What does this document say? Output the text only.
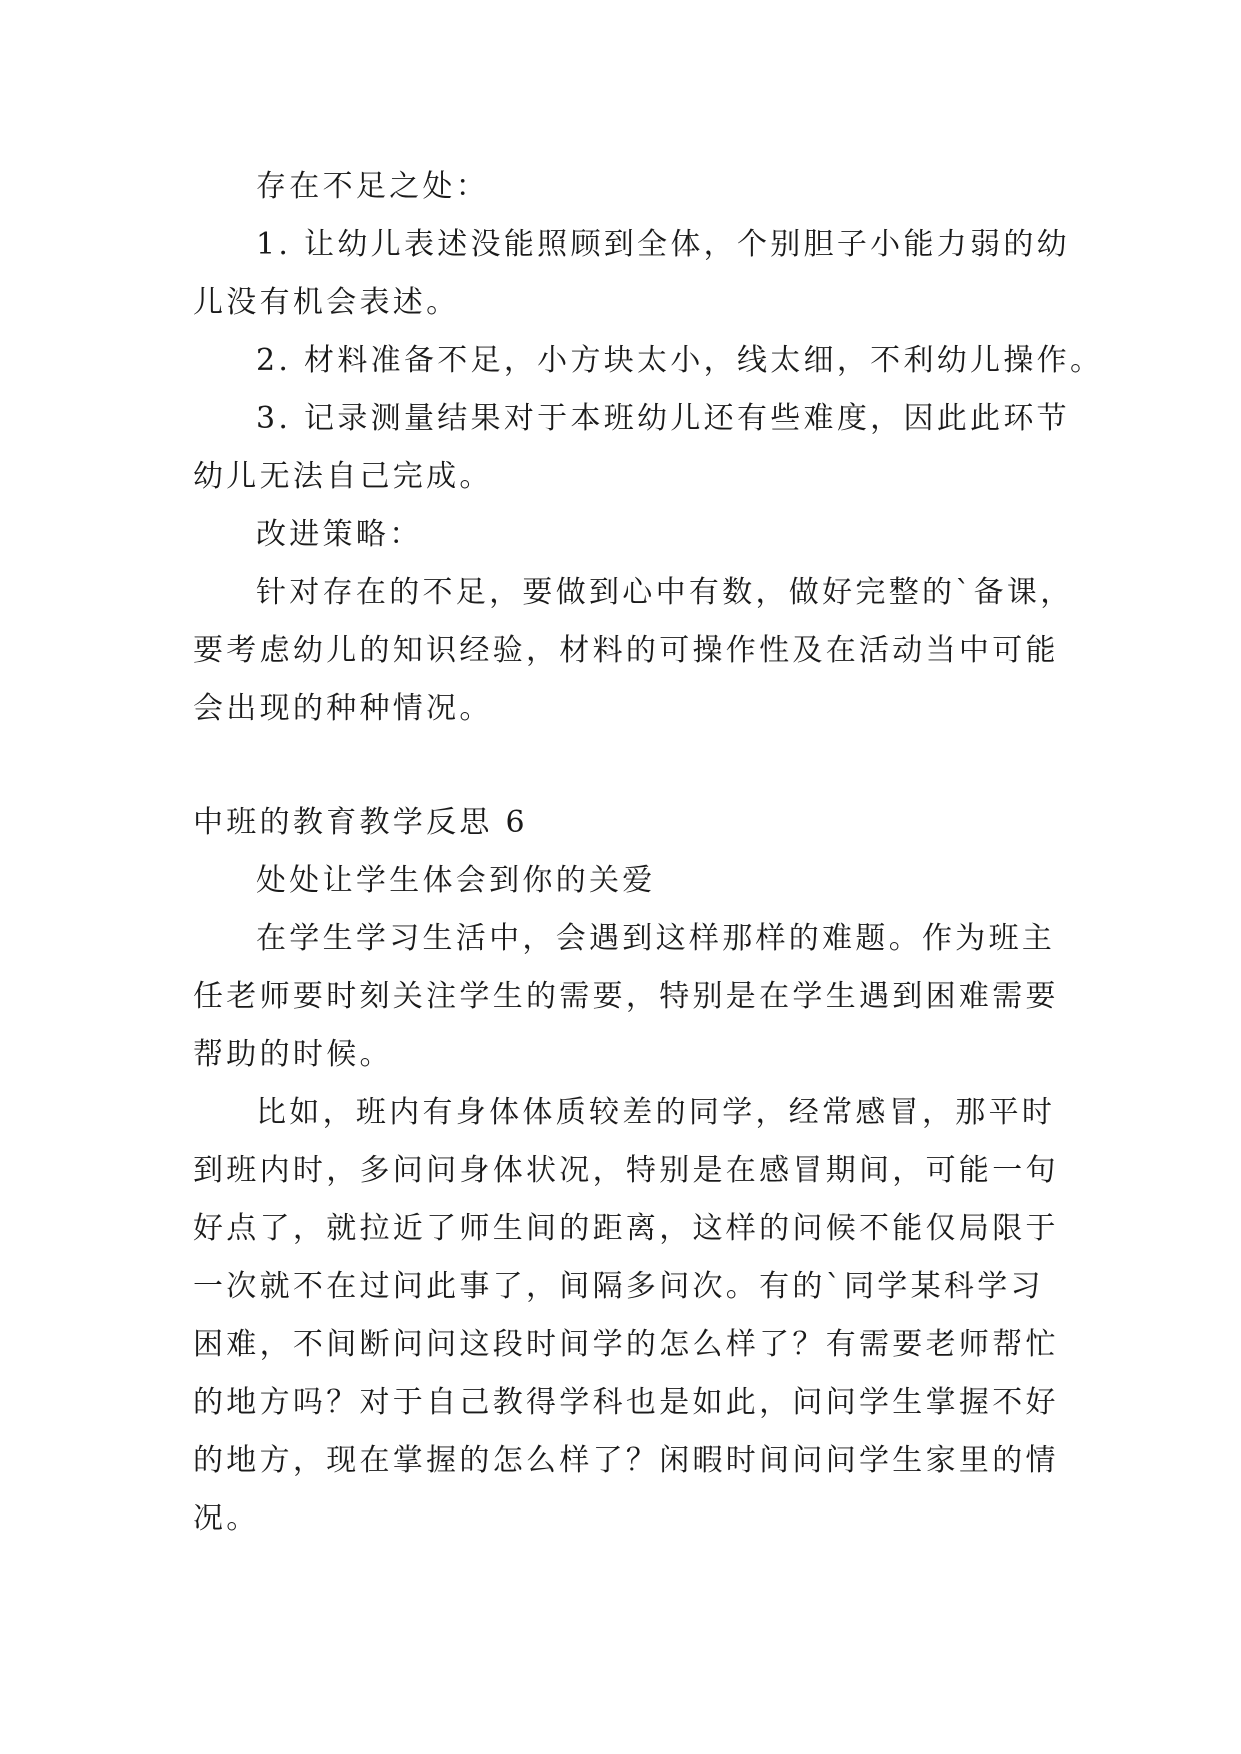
存在不足之处：
1. 让幼儿表述没能照顾到全体，个别胆子小能力弱的幼
儿没有机会表述。
2. 材料准备不足，小方块太小，线太细，不利幼儿操作。
3. 记录测量结果对于本班幼儿还有些难度，因此此环节
幼儿无法自己完成。
改进策略：
针对存在的不足，要做到心中有数，做好完整的`备课，
要考虑幼儿的知识经验，材料的可操作性及在活动当中可能
会出现的种种情况。
中班的教育教学反思 6
处处让学生体会到你的关爱
在学生学习生活中，会遇到这样那样的难题。作为班主
任老师要时刻关注学生的需要，特别是在学生遇到困难需要
帮助的时候。
比如，班内有身体体质较差的同学，经常感冒，那平时
到班内时，多问问身体状况，特别是在感冒期间，可能一句
好点了，就拉近了师生间的距离，这样的问候不能仅局限于
一次就不在过问此事了，间隔多问次。有的`同学某科学习
困难，不间断问问这段时间学的怎么样了？有需要老师帮忙
的地方吗？对于自己教得学科也是如此，问问学生掌握不好
的地方，现在掌握的怎么样了？闲暇时间问问学生家里的情
况。
